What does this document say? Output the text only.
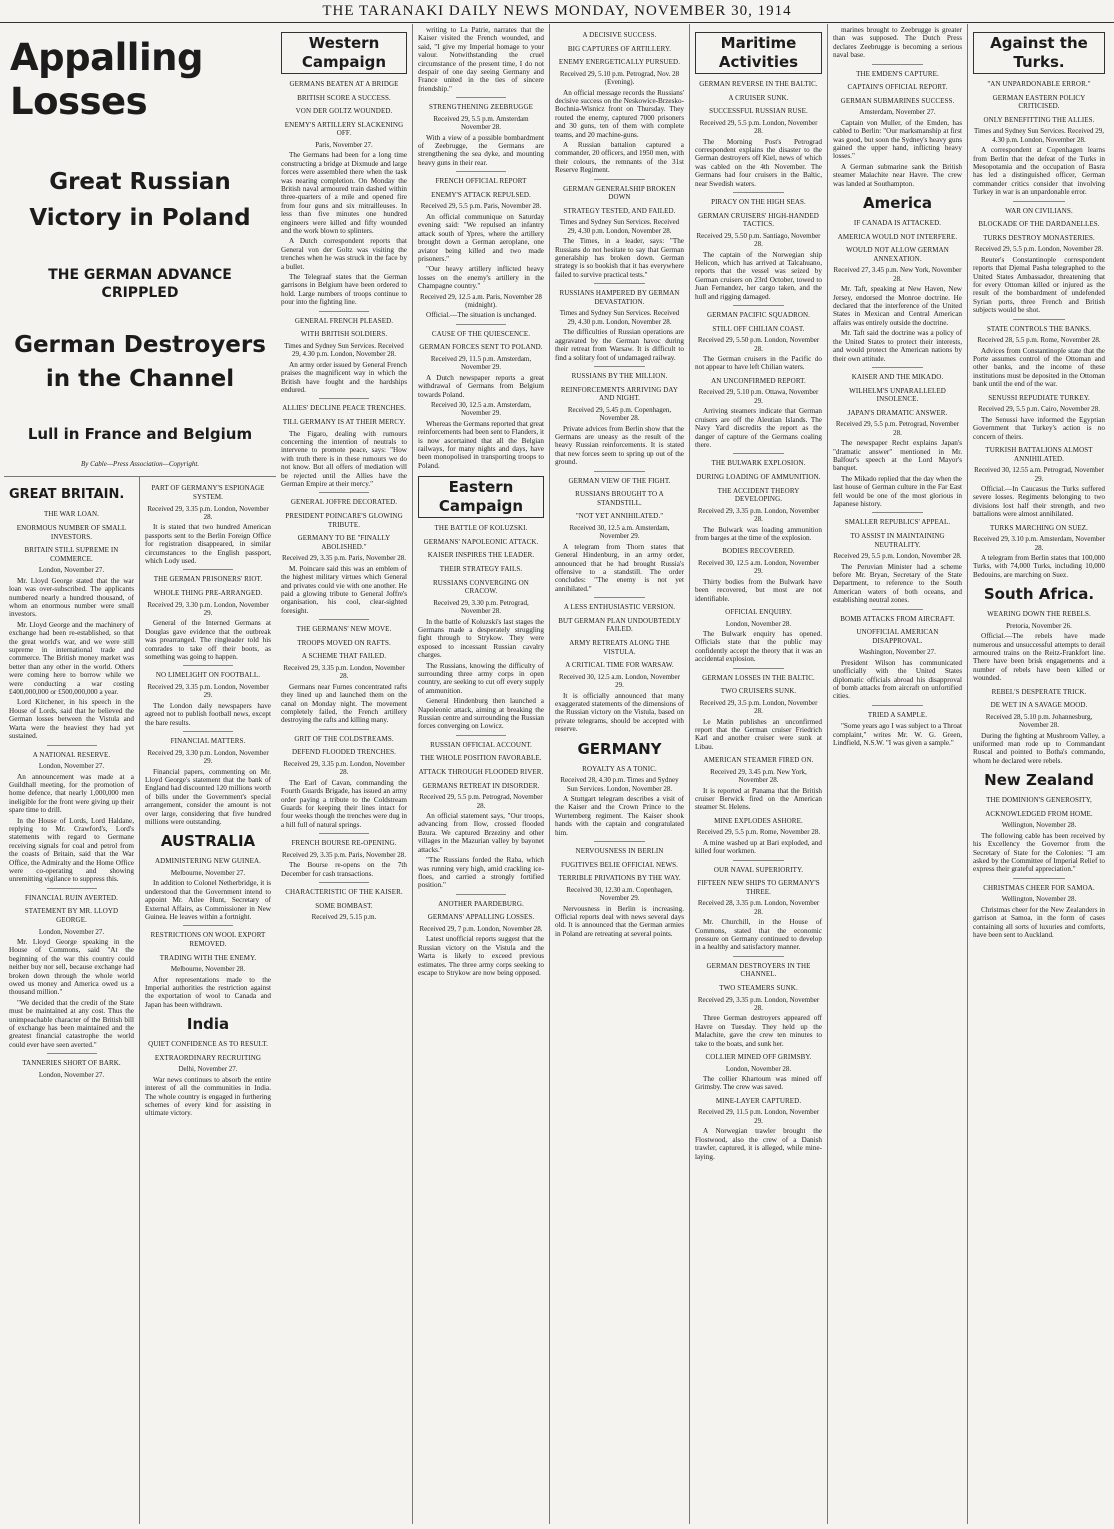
THE TARANAKI DAILY NEWS MONDAY, NOVEMBER 30, 1914
Appalling Losses
Great Russian Victory in Poland
THE GERMAN ADVANCE CRIPPLED
German Destroyers in the Channel
Lull in France and Belgium
By Cable—Press Association—Copyright.
GREAT BRITAIN.
THE WAR LOAN.
ENORMOUS NUMBER OF SMALL INVESTORS.
BRITAIN STILL SUPREME IN COMMERCE.
London, November 27.

Mr. Lloyd George stated that the war loan was over-subscribed. The applicants numbered nearly a hundred thousand, of whom an enormous number were small investors.

Mr. Lloyd George and the machinery of exchange had been re-established, so that the great world's war, and we were still supreme in international trade and commerce. The British money market was better than any other in the world. Others were coming here to borrow while we were conducting a war costing £400,000,000 or £500,000,000 a year.

Lord Kitchener, in his speech in the House of Lords, said that he believed the German losses between the Vistula and Warta were the heaviest they had yet sustained.

A NATIONAL RESERVE.
London, November 27.

An announcement was made at a Guildhall meeting, for the promotion of home defence, that nearly 1,000,000 men ineligible for the front were giving up their spare time to drill.

In the House of Lords, Lord Haldane, replying to Mr. Crawford's, Lord's statements with regard to Germane receiving signals for coal and petrol from the coasts of Britain, said that the War Office, the Admiralty and the Home Office were co-operating and showing unremitting vigilance to suppress this.

FINANCIAL RUIN AVERTED.
STATEMENT BY MR. LLOYD GEORGE.
London, November 27.

Mr. Lloyd George speaking in the House of Commons, said "At the beginning of the war this country could neither buy nor sell, because exchange had broken down through the whole world owed us money and America owed us a thousand million."

"We decided that the credit of the State must be maintained at any cost. Thus the unimpeachable character of the British bill of exchange has been maintained and the greatest financial catastrophe the world could ever have seen averted."

TANNERIES SHORT OF BARK.
London, November 27.
PART OF GERMANY'S ESPIONAGE SYSTEM.
Received 29, 3.35 p.m. London, November 28.

It is stated that two hundred American passports sent to the Berlin Foreign Office for registration disappeared, in similar circumstances to the English passport, which Lody used.

THE GERMAN PRISONERS' RIOT.
WHOLE THING PRE-ARRANGED.
Received 29, 3.30 p.m. London, November 29.

General of the Interned Germans at Douglas gave evidence that the outbreak was prearranged. The ringleader told his comrades to take off their boots, as something was going to happen.

NO LIMELIGHT ON FOOTBALL.
Received 29, 3.35 p.m. London, November 29.

The London daily newspapers have agreed not to publish football news, except the bare results.

FINANCIAL MATTERS.
Received 29, 3.30 p.m. London, November 29.

Financial papers, commenting on Mr. Lloyd George's statement that the bank of England had discounted 120 millions worth of bills under the Government's special arrangement, consider the amount is not over large, considering that five hundred millions were outstanding.

AUSTRALIA
ADMINISTERING NEW GUINEA.
Melbourne, November 27.

In addition to Colonel Netherbridge, it is understood that the Government intend to appoint Mr. Atlee Hunt, Secretary of External Affairs, as Commissioner in New Guinea. He leaves within a fortnight.

RESTRICTIONS ON WOOL EXPORT REMOVED.
TRADING WITH THE ENEMY.
Melbourne, November 28.

After representations made to the Imperial authorities the restriction against the exportation of wool to Canada and Japan has been withdrawn.

India
QUIET CONFIDENCE AS TO RESULT.
EXTRAORDINARY RECRUITING
Delhi, November 27.

War news continues to absorb the entire interest of all the communities in India. The whole country is engaged in furthering schemes of every kind for assisting in ultimate victory.

Western Campaign
GERMANS BEATEN AT A BRIDGE
BRITISH SCORE A SUCCESS.
VON DER GOLTZ WOUNDED.
ENEMY'S ARTILLERY SLACKENING OFF.
Paris, November 27.

The Germans had been for a long time constructing a bridge at Dixmude and large forces were assembled there when the task was nearing completion. On Monday the British naval armoured train dashed within three-quarters of a mile and opened fire from four guns and six mitrailleuses. In less than five minutes one hundred engineers were killed and fifty wounded and the work blown to splinters.

A Dutch correspondent reports that General von der Goltz was visiting the trenches when he was struck in the face by a bullet.

The Telegraaf states that the German garrisons in Belgium have been ordered to hold. Large numbers of troops continue to pour into the fighting line.

GENERAL FRENCH PLEASED.
WITH BRITISH SOLDIERS.
Times and Sydney Sun Services. Received 29, 4.30 p.m. London, November 28.

An army order issued by General French praises the magnificent way in which the British have fought and the hardships endured.

ALLIES' DECLINE PEACE TRENCHES.
TILL GERMANY IS AT THEIR MERCY.

The Figaro, dealing with rumours concerning the intention of neutrals to intervene to promote peace, says: "How with truth there is in these rumours we do not know. But all offers of mediation will be rejected until the Allies have the German Empire at their mercy."

GENERAL JOFFRE DECORATED.
PRESIDENT POINCARE'S GLOWING TRIBUTE.
GERMANY TO BE "FINALLY ABOLISHED."
Received 29, 3.35 p.m. Paris, November 28.

M. Poincare said this was an emblem of the highest military virtues which General and privates could vie with one another. He paid a glowing tribute to General Joffre's organisation, his cool, clear-sighted foresight.

THE GERMANS' NEW MOVE.
TROOPS MOVED ON RAFTS.
A SCHEME THAT FAILED.
Received 29, 3.35 p.m. London, November 28.

Germans near Furnes concentrated rafts they lined up and launched them on the canal on Monday night. The movement completely failed, the French artillery destroying the rafts and killing many.

GRIT OF THE COLDSTREAMS.
DEFEND FLOODED TRENCHES.
Received 29, 3.35 p.m. London, November 28.

The Earl of Cavan, commanding the Fourth Guards Brigade, has issued an army order paying a tribute to the Coldstream Guards for keeping their lines intact for four weeks though the trenches were dug in a hill full of natural springs.

FRENCH BOURSE RE-OPENING.
Received 29, 3.35 p.m. Paris, November 28.

The Bourse re-opens on the 7th December for cash transactions.

CHARACTERISTIC OF THE KAISER.
SOME BOMBAST.
Received 29, 5.15 p.m.

writing to La Patrie, narrates that the Kaiser visited the French wounded, and said, "I give my Imperial homage to your valour. Notwithstanding the cruel circumstance of the present time, I do not despair of one day seeing Germany and France united in the ties of sincere friendship."

STRENGTHENING ZEEBRUGGE
Received 29, 5.5 p.m. Amsterdam November 28.

With a view of a possible bombardment of Zeebrugge, the Germans are strengthening the sea dyke, and mounting heavy guns in their rear.

FRENCH OFFICIAL REPORT
ENEMY'S ATTACK REPULSED.
Received 29, 5.5 p.m. Paris, November 28.

An official communique on Saturday evening said: "We repulsed an infantry attack south of Ypres, where the artillery brought down a German aeroplane, one aviator being killed and two made prisoners."

"Our heavy artillery inflicted heavy losses on the enemy's artillery in the Champagne country."

Received 29, 12.5 a.m. Paris, November 28 (midnight).

Official.—The situation is unchanged.

CAUSE OF THE QUIESCENCE.
GERMAN FORCES SENT TO POLAND.
Received 29, 11.5 p.m. Amsterdam, November 29.

A Dutch newspaper reports a great withdrawal of Germans from Belgium towards Poland.

Received 30, 12.5 a.m. Amsterdam, November 29.

Whereas the Germans reported that great reinforcements had been sent to Flanders, it is now ascertained that all the Belgian railways, for many nights and days, have been monopolised in transporting troops to Poland.

Eastern Campaign
THE BATTLE OF KOLUZSKI.
GERMANS' NAPOLEONIC ATTACK.
KAISER INSPIRES THE LEADER.
THEIR STRATEGY FAILS.
RUSSIANS CONVERGING ON CRACOW.
Received 29, 3.30 p.m. Petrograd, November 28.

In the battle of Koluzski's last stages the Germans made a desperately struggling fight through to Strykow. They were exposed to incessant Russian cavalry charges.

The Russians, knowing the difficulty of surrounding three army corps in open country, are seeking to cut off every supply of ammunition.

General Hindenburg then launched a Napoleonic attack, aiming at breaking the Russian centre and surrounding the Russian forces converging on Lowicz.

RUSSIAN OFFICIAL ACCOUNT.
THE WHOLE POSITION FAVORABLE.
ATTACK THROUGH FLOODED RIVER.
GERMANS RETREAT IN DISORDER.
Received 29, 5.5 p.m. Petrograd, November 28.

An official statement says, "Our troops, advancing from Ilow, crossed flooded Bzura. We captured Brzeziny and other villages in the Mazurian valley by bayonet attacks."

"The Russians forded the Raba, which was running very high, amid crackling ice-floes, and carried a strongly fortified position."

ANOTHER PAARDEBURG.
GERMANS' APPALLING LOSSES.
Received 29, 7 p.m. London, November 28.

Latest unofficial reports suggest that the Russian victory on the Vistula and the Warta is likely to exceed previous estimates. The three army corps seeking to escape to Strykow are now being opposed.

A DECISIVE SUCCESS.
BIG CAPTURES OF ARTILLERY.
ENEMY ENERGETICALLY PURSUED.
Received 29, 5.10 p.m. Petrograd, Nov. 28 (Evening).

An official message records the Russians' decisive success on the Neskowice-Brzesko-Bochnia-Wisnicz front on Thursday. They routed the enemy, captured 7000 prisoners and 30 guns, ten of them with complete teams, and 20 machine-guns.

A Russian battalion captured a commander, 20 officers, and 1950 men, with their colours, the remnants of the 31st Reserve Regiment.

GERMAN GENERALSHIP BROKEN DOWN
STRATEGY TESTED, AND FAILED.
Times and Sydney Sun Services. Received 29, 4.30 p.m. London, November 28.

The Times, in a leader, says: "The Russians do not hesitate to say that German generalship has broken down. German strategy is so bookish that it has everywhere failed to survive practical tests."

RUSSIANS HAMPERED BY GERMAN DEVASTATION.
Times and Sydney Sun Services. Received 29, 4.30 p.m. London, November 28.

The difficulties of Russian operations are aggravated by the German havoc during their retreat from Warsaw. It is difficult to find a solitary foot of undamaged railway.

RUSSIANS BY THE MILLION.
REINFORCEMENTS ARRIVING DAY AND NIGHT.
Received 29, 5.45 p.m. Copenhagen, November 28.

Private advices from Berlin show that the Germans are uneasy as the result of the heavy Russian reinforcements. It is stated that new forces seem to spring up out of the ground.

GERMAN VIEW OF THE FIGHT.
RUSSIANS BROUGHT TO A STANDSTILL.
"NOT YET ANNIHILATED."
Received 30, 12.5 a.m. Amsterdam, November 29.

A telegram from Thorn states that General Hindenburg, in an army order, announced that he had brought Russia's offensive to a standstill. The order concludes: "The enemy is not yet annihilated."

A LESS ENTHUSIASTIC VERSION.
BUT GERMAN PLAN UNDOUBTEDLY FAILED.
ARMY RETREATS ALONG THE VISTULA.
A CRITICAL TIME FOR WARSAW.
Received 30, 12.5 a.m. London, November 29.

It is officially announced that many exaggerated statements of the dimensions of the Russian victory on the Vistula, based on private telegrams, should be accepted with reserve.

GERMANY
ROYALTY AS A TONIC.
Received 28, 4.30 p.m. Times and Sydney Sun Services. London, November 28.

A Stuttgart telegram describes a visit of the Kaiser and the Crown Prince to the Wurtemberg regiment. The Kaiser shook hands with the captain and congratulated him.

NERVOUSNESS IN BERLIN
FUGITIVES BELIE OFFICIAL NEWS.
TERRIBLE PRIVATIONS BY THE WAY.
Received 30, 12.30 a.m. Copenhagen, November 29.

Nervousness in Berlin is increasing. Official reports deal with news several days old. It is announced that the German armies in Poland are retreating at several points.

Maritime Activities
GERMAN REVERSE IN THE BALTIC.
A CRUISER SUNK.
SUCCESSFUL RUSSIAN RUSE.
Received 29, 5.5 p.m. London, November 28.

The Morning Post's Petrograd correspondent explains the disaster to the German destroyers off Kiel, news of which was cabled on the 4th November. The Germans had four cruisers in the Baltic, near Swedish waters.

PIRACY ON THE HIGH SEAS.
GERMAN CRUISERS' HIGH-HANDED TACTICS.
Received 29, 5.50 p.m. Santiago, November 28.

The captain of the Norwegian ship Helicon, which has arrived at Talcahuano, reports that the vessel was seized by German cruisers on 23rd October, towed to Juan Fernandez, her cargo taken, and the hull and rigging damaged.

GERMAN PACIFIC SQUADRON.
STILL OFF CHILIAN COAST.
Received 29, 5.50 p.m. London, November 28.

The German cruisers in the Pacific do not appear to have left Chilian waters.

AN UNCONFIRMED REPORT.
Received 29, 5.10 p.m. Ottawa, November 29.

Arriving steamers indicate that German cruisers are off the Aleutian Islands. The Navy Yard discredits the report as the danger of capture of the Germans coaling there.

THE BULWARK EXPLOSION.
DURING LOADING OF AMMUNITION.
THE ACCIDENT THEORY DEVELOPING.
Received 29, 3.35 p.m. London, November 28.

The Bulwark was loading ammunition from barges at the time of the explosion.

BODIES RECOVERED.
Received 30, 12.5 a.m. London, November 29.

Thirty bodies from the Bulwark have been recovered, but most are not identifiable.

OFFICIAL ENQUIRY.
London, November 28.

The Bulwark enquiry has opened. Officials state that the public may confidently accept the theory that it was an accidental explosion.

GERMAN LOSSES IN THE BALTIC.
TWO CRUISERS SUNK.
Received 29, 3.5 p.m. London, November 28.

Le Matin publishes an unconfirmed report that the German cruiser Friedrich Karl and another cruiser were sunk at Libau.

AMERICAN STEAMER FIRED ON.
Received 29, 3.45 p.m. New York, November 28.

It is reported at Panama that the British cruiser Berwick fired on the American steamer St. Helens.

MINE EXPLODES ASHORE.
Received 29, 5.5 p.m. Rome, November 28.

A mine washed up at Bari exploded, and killed four workmen.

OUR NAVAL SUPERIORITY.
FIFTEEN NEW SHIPS TO GERMANY'S THREE.
Received 28, 3.35 p.m. London, November 28.

Mr. Churchill, in the House of Commons, stated that the economic pressure on Germany continued to develop in a healthy and satisfactory manner.

GERMAN DESTROYERS IN THE CHANNEL.
TWO STEAMERS SUNK.
Received 29, 3.35 p.m. London, November 28.

Three German destroyers appeared off Havre on Tuesday. They held up the Malachite, gave the crew ten minutes to take to the boats, and sunk her.

COLLIER MINED OFF GRIMSBY.
London, November 28.

The collier Khartoum was mined off Grimsby. The crew was saved.

MINE-LAYER CAPTURED.
Received 29, 11.5 p.m. London, November 29.

A Norwegian trawler brought the Flostwood, also the crew of a Danish trawler, captured, it is alleged, while mine-laying.

marines brought to Zeebrugge is greater than was supposed. The Dutch Press declares Zeebrugge is becoming a serious naval base.

THE EMDEN'S CAPTURE.
CAPTAIN'S OFFICIAL REPORT.
GERMAN SUBMARINES SUCCESS.
Amsterdam, November 27.

Captain von Muller, of the Emden, has cabled to Berlin: "Our marksmanship at first was good, but soon the Sydney's heavy guns gained the upper hand, inflicting heavy losses."

A German submarine sank the British steamer Malachite near Havre. The crew was landed at Southampton.

America
IF CANADA IS ATTACKED.
AMERICA WOULD NOT INTERFERE.
WOULD NOT ALLOW GERMAN ANNEXATION.
Received 27, 3.45 p.m. New York, November 28.

Mr. Taft, speaking at New Haven, New Jersey, endorsed the Monroe doctrine. He declared that the interference of the United States in Mexican and Central American affairs was entirely outside the doctrine.

Mr. Taft said the doctrine was a policy of the United States to protect their interests, and would protect the American nations by their own attitude.

KAISER AND THE MIKADO.
WILHELM'S UNPARALLELED INSOLENCE.
JAPAN'S DRAMATIC ANSWER.
Received 29, 5.5 p.m. Petrograd, November 28.

The newspaper Recht explains Japan's "dramatic answer" mentioned in Mr. Balfour's speech at the Lord Mayor's banquet.

The Mikado replied that the day when the last house of German culture in the Far East fell would be one of the most glorious in Japanese history.

SMALLER REPUBLICS' APPEAL.
TO ASSIST IN MAINTAINING NEUTRALITY.
Received 29, 5.5 p.m. London, November 28.

The Peruvian Minister had a scheme before Mr. Bryan, Secretary of the State Department, to reference to the South American waters of both oceans, and establishing neutral zones.

BOMB ATTACKS FROM AIRCRAFT.
UNOFFICIAL AMERICAN DISAPPROVAL.
Washington, November 27.

President Wilson has communicated unofficially with the United States diplomatic officials abroad his disapproval of bomb attacks from aircraft on unfortified cities.

TRIED A SAMPLE.

"Some years ago I was subject to a Throat complaint," writes Mr. W. G. Green, Lindfield, N.S.W. "I was given a sample."

Against the Turks.
"AN UNPARDONABLE ERROR."
GERMAN EASTERN POLICY CRITICISED.
ONLY BENEFITTING THE ALLIES.
Times and Sydney Sun Services. Received 29, 4.30 p.m. London, November 28.

A correspondent at Copenhagen learns from Berlin that the defeat of the Turks in Mesopotamia and the occupation of Basra has led a distinguished officer, German commander critics consider that involving Turkey in war is an unpardonable error.

WAR ON CIVILIANS.
BLOCKADE OF THE DARDANELLES.
TURKS DESTROY MONASTERIES.
Received 29, 5.5 p.m. London, November 28.

Reuter's Constantinople correspondent reports that Djemal Pasha telegraphed to the United States Ambassador, threatening that for every Ottoman killed or injured as the result of the bombardment of undefended Syrian ports, three French and British subjects would be shot.

STATE CONTROLS THE BANKS.
Received 28, 5.5 p.m. Rome, November 28.

Advices from Constantinople state that the Porte assumes control of the Ottoman and other banks, and the income of these institutions must be deposited in the Ottoman bank until the end of the war.

SENUSSI REPUDIATE TURKEY.
Received 29, 5.5 p.m. Cairo, November 28.

The Senussi have informed the Egyptian Government that Turkey's action is no concern of theirs.

TURKISH BATTALIONS ALMOST ANNIHILATED.
Received 30, 12.55 a.m. Petrograd, November 29.

Official.—In Caucasus the Turks suffered severe losses. Regiments belonging to two divisions lost half their strength, and two battalions were almost annihilated.

TURKS MARCHING ON SUEZ.
Received 29, 3.10 p.m. Amsterdam, November 28.

A telegram from Berlin states that 100,000 Turks, with 74,000 Turks, including 10,000 Bedouins, are marching on Suez.

South Africa.
WEARING DOWN THE REBELS.
Pretoria, November 26.

Official.—The rebels have made numerous and unsuccessful attempts to derail armoured trains on the Reitz-Frankfort line. There have been brisk engagements and a number of rebels have been killed or wounded.

REBEL'S DESPERATE TRICK.
DE WET IN A SAVAGE MOOD.
Received 28, 5.10 p.m. Johannesburg, November 28.

During the fighting at Mushroom Valley, a uniformed man rode up to Commandant Ruscal and pointed to Botha's commando, whom he declared were rebels.

New Zealand
THE DOMINION'S GENEROSITY,
ACKNOWLEDGED FROM HOME.
Wellington, November 28.

The following cable has been received by his Excellency the Governor from the Secretary of State for the Colonies: "I am asked by the Committee of Imperial Relief to express their grateful appreciation."

CHRISTMAS CHEER FOR SAMOA.
Wellington, November 28.

Christmas cheer for the New Zealanders in garrison at Samoa, in the form of cases containing all sorts of luxuries and comforts, have been sent to Auckland.
